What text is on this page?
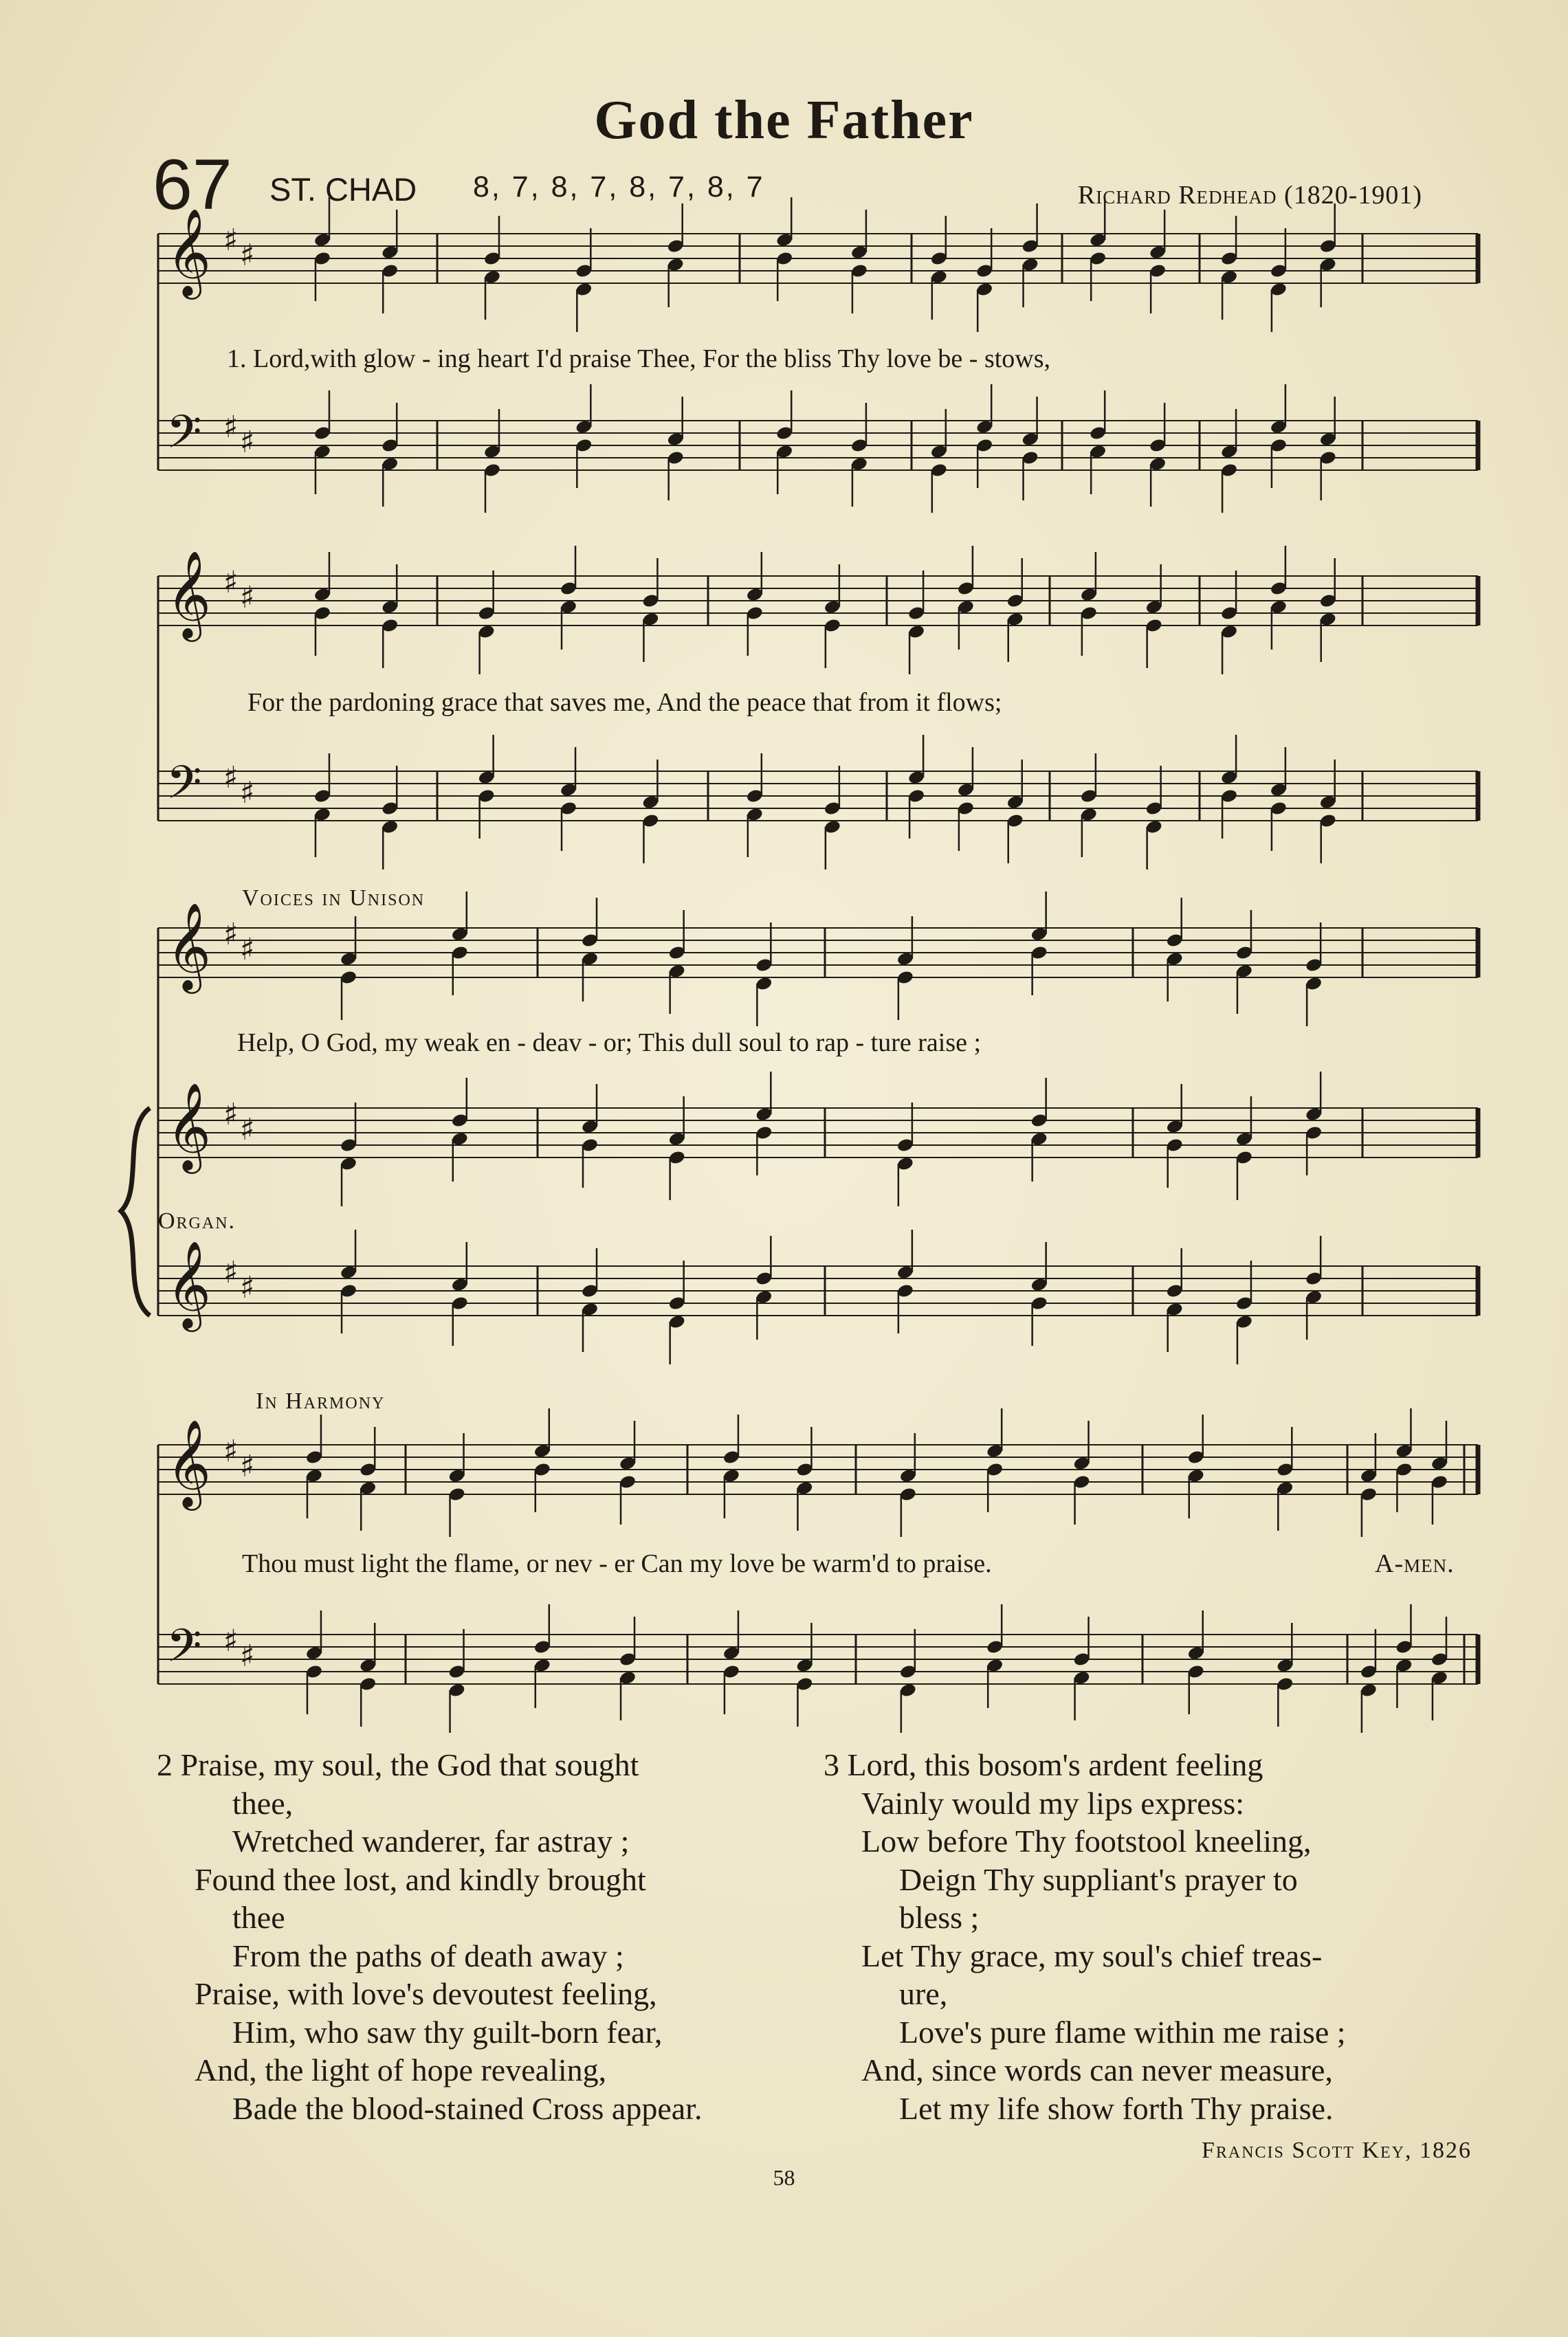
God the Father
67 ST. CHAD 8, 7, 8, 7, 8, 7, 8, 7	Richard Redhead (1820-1901)
𝄞 ♯ ♯
𝄢 ♯ ♯
𝄞 ♯ ♯
𝄢 ♯ ♯
𝄞 ♯ ♯
𝄞 ♯ ♯
𝄞 ♯ ♯
𝄞 ♯ ♯
𝄢 ♯ ♯
1. Lord,with glow - ing heart I'd praise Thee, For the bliss Thy love be - stows,
For the pardoning grace that saves me, And the peace that from it flows;
Voices in Unison
Help, O God, my weak en - deav - or; This dull soul to rap - ture raise ;
Organ.
In Harmony
Thou must light the flame, or nev - er Can my love be warm'd to praise.	A-men.
2 Praise, my soul, the God that sought
thee,
Wretched wanderer, far astray ;
Found thee lost, and kindly brought
thee
From the paths of death away ;
Praise, with love's devoutest feeling,
Him, who saw thy guilt-born fear,
And, the light of hope revealing,
Bade the blood-stained Cross appear.
3 Lord, this bosom's ardent feeling
Vainly would my lips express:
Low before Thy footstool kneeling,
Deign Thy suppliant's prayer to
bless ;
Let Thy grace, my soul's chief treas-
ure,
Love's pure flame within me raise ;
And, since words can never measure,
Let my life show forth Thy praise.
Francis Scott Key, 1826
58
